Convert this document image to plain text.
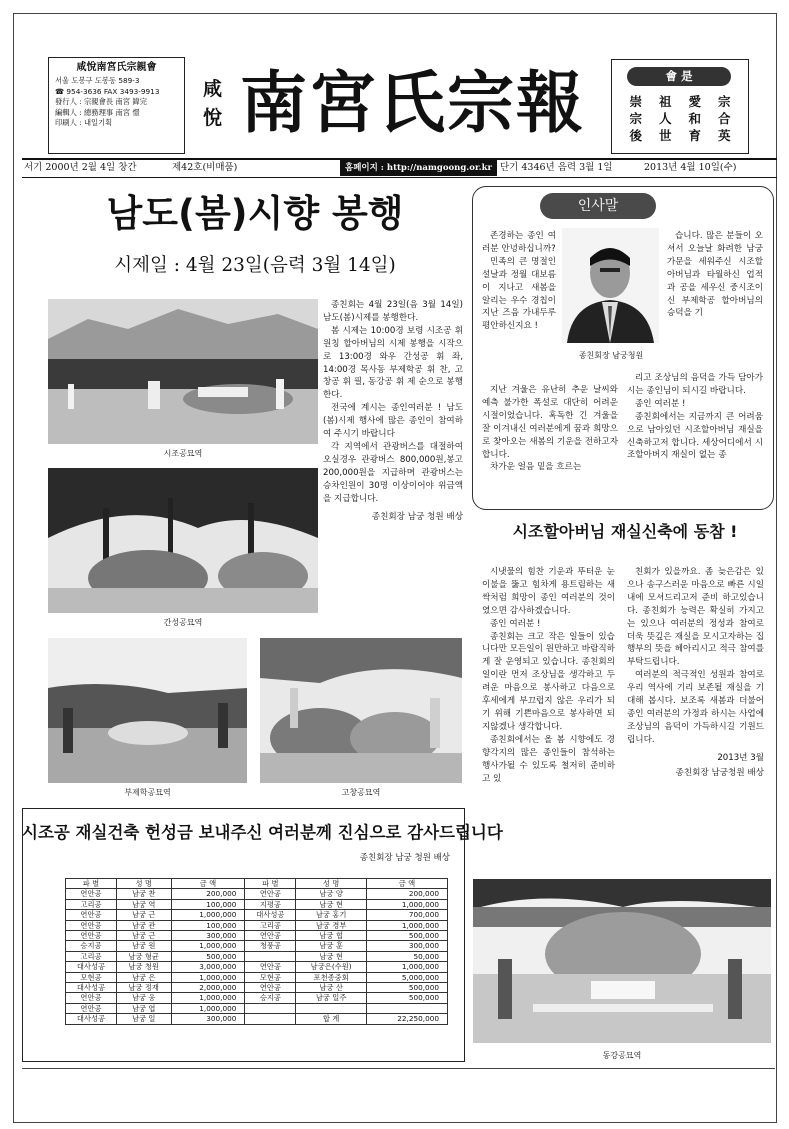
咸悅南宮氏宗親會
서울 도봉구 도봉동 589-3
☎ 954-3636 FAX 3493-9913
發行人 : 宗親會長 南宮 鍏完
編輯人 : 總務理事 南宮 憬
印刷人 : 내일기획
咸
悅 南宮氏宗報	會 是
崇	祖	愛	宗
宗	人	和	合
後	世	育	英
서기 2000년 2월 4일 창간	제42호(비매품)	홈페이지 : http://namgoong.or.kr 단기 4346년 음력 3월 1일	2013년 4월 10일(수)
남도(봄)시향 봉행
시제일 : 4월 23일(음력 3월 14일)
시조공묘역
간성공묘역

종친회는 4월 23일(음 3월 14일)남도(봄)시제를 봉행한다.

봄 시제는 10:00경 보령 시조공 휘 원칭 할아버님의 시제 봉행을 시작으로 13:00경 와우 간성공 휘 좌, 14:00경 목사동 부제학공 휘 찬, 고창공 휘 필, 동강공 휘 제 순으로 봉행한다.

전국에 계시는 종인여러분 ! 남도(봄)시제 행사에 많은 종인이 참여하여 주시기 바랍니다

각 지역에서 관광버스를 대절하여 오실경우 관광버스 800,000원,봉고 200,000원을 지급하며 관광버스는 승차인원이 30명 이상이어야 위금액을 지급합니다.

종친회장 남궁 청원 배상

부제학공묘역	고창공묘역
인사말

존경하는 종인 여러분 안녕하십니까?

민족의 큰 명절인 설날과 정월 대보름이 지나고 새봄을 알리는 우수 경칩이 지난 즈음 가내두루 평안하신지요 !

종친회장 남궁청원

습니다. 많은 분들이 오셔서 오늘날 화려한 남궁가문을 세워주신 시조할아버님과 타월하신 업적과 공을 세우신 중시조이신 부제학공 할아버님의 승덕을 기

지난 겨울은 유난히 추운 날씨와 예측 불가한 폭설로 대단히 어려운 시절이었습니다. 혹독한 긴 겨울을 잘 이겨내신 여러분에게 꿈과 희망으로 찾아오는 새봄의 기운을 전하고자 합니다.

차가운 얼음 밑을 흐르는

리고 조상님의 음덕을 가득 담아가시는 종인님이 되시길 바랍니다.

종인 여러분 !

종친회에서는 지금까지 큰 어려움으로 남아있던 시조할아버님 재실을 신축하고저 합니다. 세상어디에서 시조할아버지 재실이 없는 종

시조할아버님 재실신축에 동참 !

시냇물의 힘찬 기운과 뚜터운 눈 이불을 뚫고 힘차게 용트림하는 새싹처럼 희망이 종인 여러분의 것이였으면 감사하겠습니다.

종인 여러분 !

종친회는 크고 작은 일들이 있습니다만 모든일이 원만하고 바람직하게 잘 운영되고 있습니다. 종친회의 일이란 먼저 조상님을 생각하고 두려운 마음으로 봉사하고 다음으로 후세에게 부끄럽지 않은 우리가 되기 위해 기쁜마음으로 봉사하면 되지않겠나 생각합니다.

종친회에서는 올 봄 시향에도 경향각지의 많은 종인들이 참석하는 행사가될 수 있도록 철저히 준비하고 있

친회가 있을까요. 좀 늦은감은 있으나 송구스러운 마음으로 빠른 시일내에 모셔드리고저 준비 하고있습니다. 종친회가 능력은 확실히 가지고는 있으나 여러분의 정성과 참여로 더욱 뜻깊은 재실을 모시고자하는 집행부의 뜻을 헤아리시고 적극 참여를 부탁드립니다.

여러분의 적극적인 성원과 참여로 우리 역사에 기리 보존될 재실을 기대해 봅시다. 보조록 새봄과 더불어 종인 여러분의 가정과 하시는 사업에 조상님의 음덕이 가득하시길 기원드립니다.

2013년 3월

종친회장 남궁청원 배상

동강공묘역
시조공 재실건축 헌성금 보내주신 여러분께 진심으로 감사드립니다
종친회장 남궁 청원 배상
파 별	성 명	금 액	파 별	성 명	금 액
연안공	남궁 찬	200,000	연안공	남궁 양	200,000
고리공	남궁 역	100,000	지평공	남궁 현	1,000,000
연안공	남궁 근	1,000,000	대사성공	남궁 홍기	700,000
연안공	남궁 관	100,000	고리공	남궁 경부	1,000,000
연안공	남궁 근	300,000	연안공	남궁 협	500,000
승지공	남궁 원	1,000,000	청풍공	남궁 훈	300,000
고리공	남궁 형균	500,000		남궁 현	50,000
대사성공	남궁 청원	3,000,000	연안공	남궁은(수원)	1,000,000
모현공	남궁 은	1,000,000	모현공	포천종중회	5,000,000
대사성공	남궁 정재	2,000,000	연안공	남궁 산	500,000
연안공	남궁 웅	1,000,000	승지공	남궁 일주	500,000
연안공	남궁 엽	1,000,000			
대사성공	남궁 일	300,000		합 계	22,250,000
